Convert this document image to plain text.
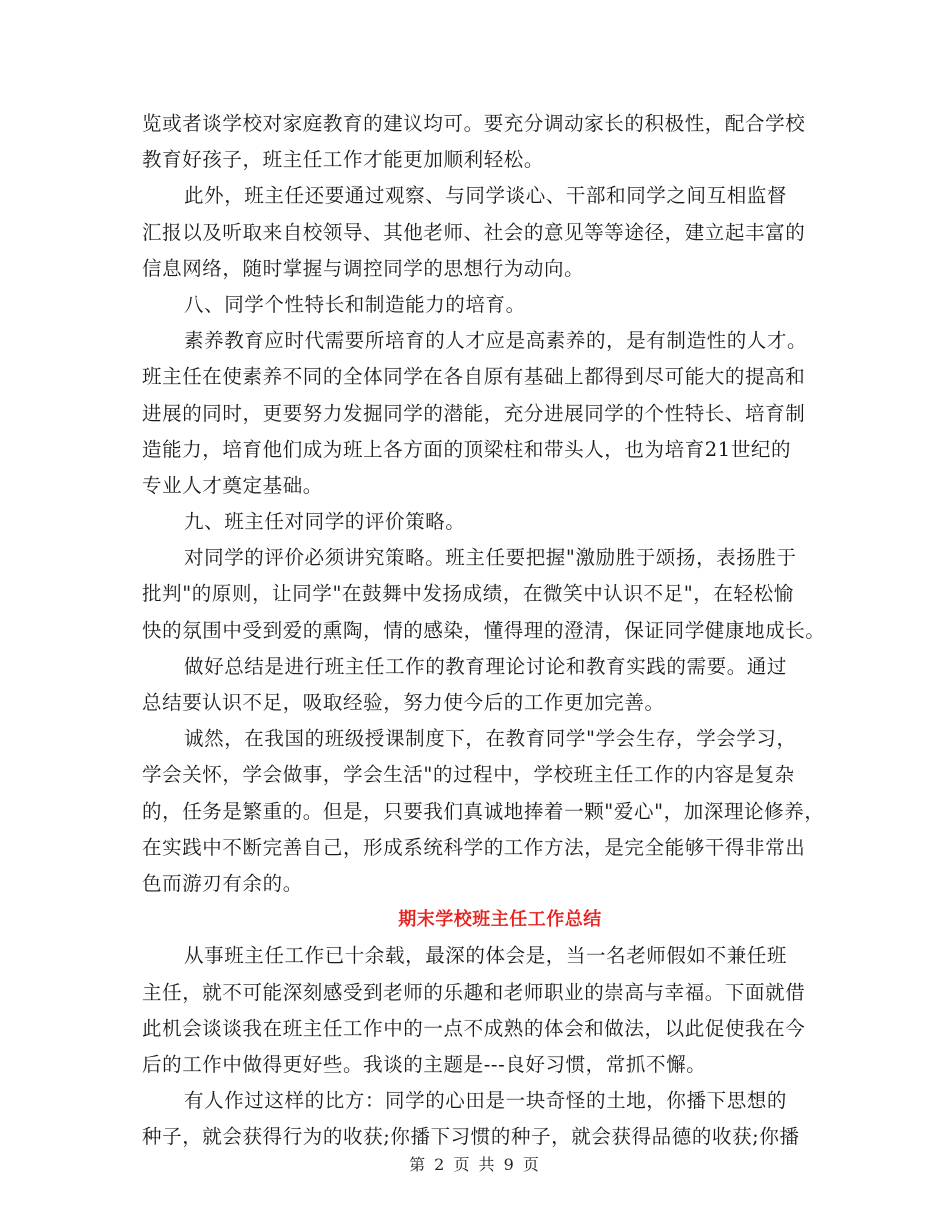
览或者谈学校对家庭教育的建议均可。要充分调动家长的积极性，配合学校
教育好孩子，班主任工作才能更加顺利轻松。
此外，班主任还要通过观察、与同学谈心、干部和同学之间互相监督
汇报以及听取来自校领导、其他老师、社会的意见等等途径，建立起丰富的
信息网络，随时掌握与调控同学的思想行为动向。
八、同学个性特长和制造能力的培育。
素养教育应时代需要所培育的人才应是高素养的，是有制造性的人才。
班主任在使素养不同的全体同学在各自原有基础上都得到尽可能大的提高和
进展的同时，更要努力发掘同学的潜能，充分进展同学的个性特长、培育制
造能力，培育他们成为班上各方面的顶梁柱和带头人，也为培育21世纪的
专业人才奠定基础。
九、班主任对同学的评价策略。
对同学的评价必须讲究策略。班主任要把握"激励胜于颂扬，表扬胜于
批判"的原则，让同学"在鼓舞中发扬成绩，在微笑中认识不足"，在轻松愉
快的氛围中受到爱的熏陶，情的感染，懂得理的澄清，保证同学健康地成长。
做好总结是进行班主任工作的教育理论讨论和教育实践的需要。通过
总结要认识不足，吸取经验，努力使今后的工作更加完善。
诚然，在我国的班级授课制度下，在教育同学"学会生存，学会学习，
学会关怀，学会做事，学会生活"的过程中，学校班主任工作的内容是复杂
的，任务是繁重的。但是，只要我们真诚地捧着一颗"爱心"，加深理论修养，
在实践中不断完善自己，形成系统科学的工作方法，是完全能够干得非常出
色而游刃有余的。
期末学校班主任工作总结
从事班主任工作已十余载，最深的体会是，当一名老师假如不兼任班
主任，就不可能深刻感受到老师的乐趣和老师职业的崇高与幸福。下面就借
此机会谈谈我在班主任工作中的一点不成熟的体会和做法，以此促使我在今
后的工作中做得更好些。我谈的主题是---良好习惯，常抓不懈。
有人作过这样的比方：同学的心田是一块奇怪的土地，你播下思想的
种子，就会获得行为的收获;你播下习惯的种子，就会获得品德的收获;你播
第 2 页 共 9 页
